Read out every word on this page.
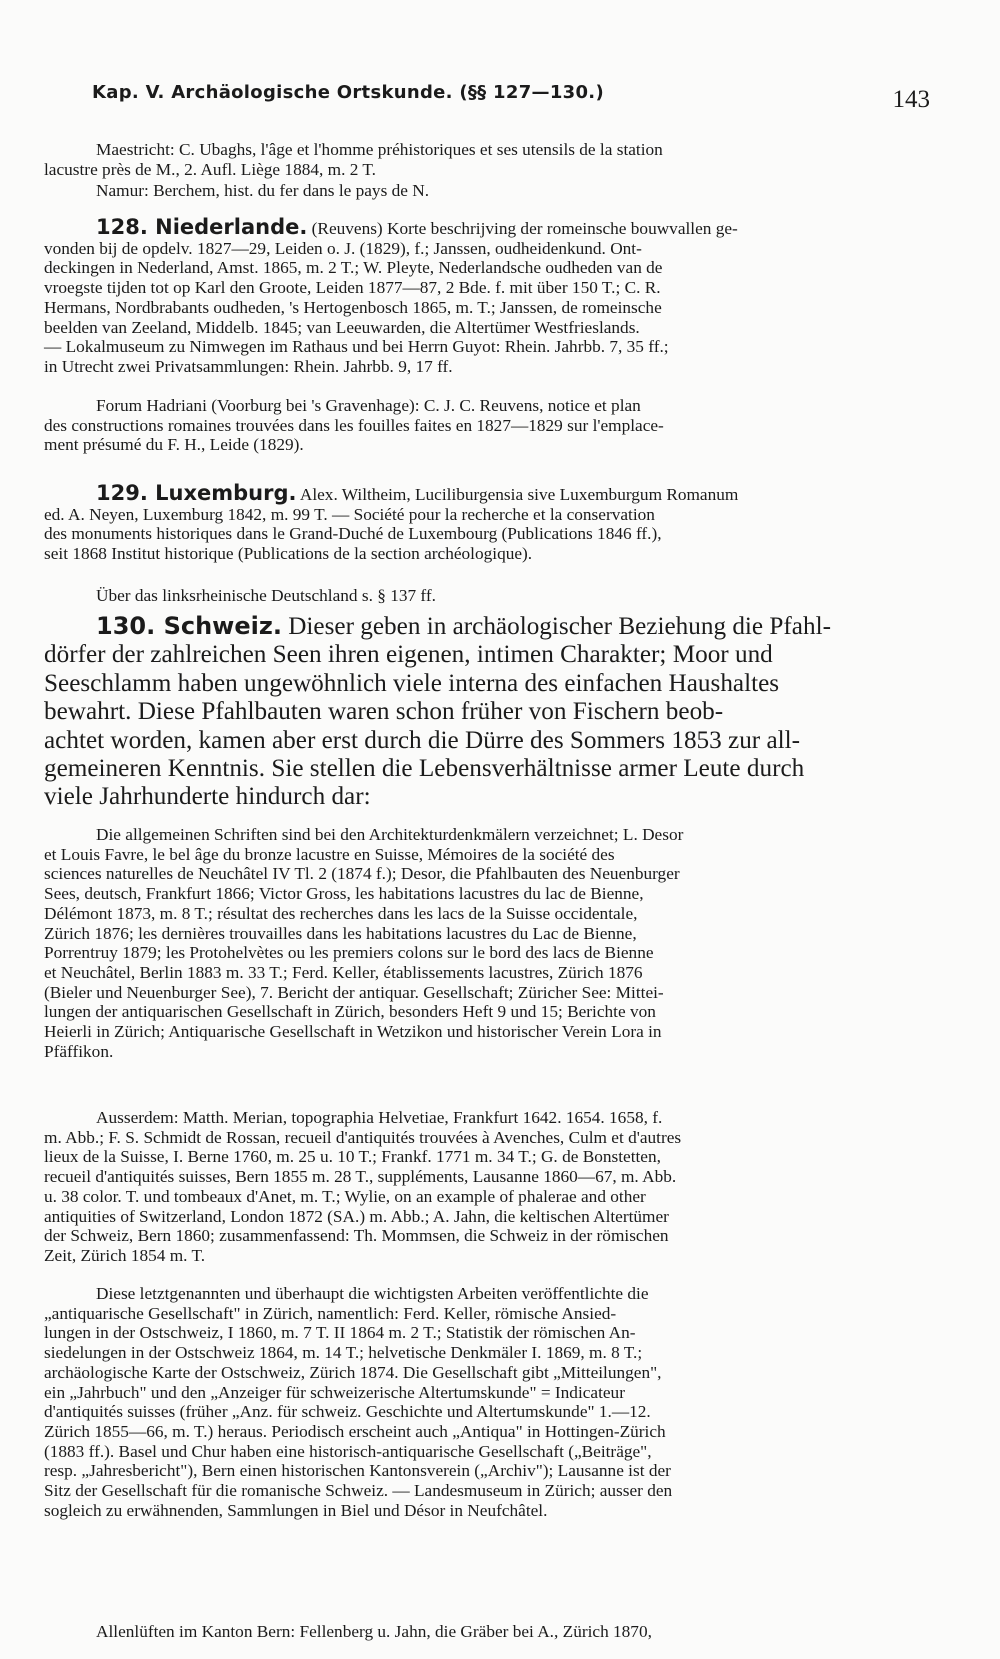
Kap. V. Archäologische Ortskunde. (§§ 127—130.)	143

Maestricht: C. Ubaghs, l'âge et l'homme préhistoriques et ses utensils de la station
lacustre près de M., 2. Aufl. Liège 1884, m. 2 T.

Namur: Berchem, hist. du fer dans le pays de N.

128. Niederlande. (Reuvens) Korte beschrijving der romeinsche bouwvallen ge-
vonden bij de opdelv. 1827—29, Leiden o. J. (1829), f.; Janssen, oudheidenkund. Ont-
deckingen in Nederland, Amst. 1865, m. 2 T.; W. Pleyte, Nederlandsche oudheden van de
vroegste tijden tot op Karl den Groote, Leiden 1877—87, 2 Bde. f. mit über 150 T.; C. R.
Hermans, Nordbrabants oudheden, 's Hertogenbosch 1865, m. T.; Janssen, de romeinsche
beelden van Zeeland, Middelb. 1845; van Leeuwarden, die Altertümer Westfrieslands.
— Lokalmuseum zu Nimwegen im Rathaus und bei Herrn Guyot: Rhein. Jahrbb. 7, 35 ff.;
in Utrecht zwei Privatsammlungen: Rhein. Jahrbb. 9, 17 ff.

Forum Hadriani (Voorburg bei 's Gravenhage): C. J. C. Reuvens, notice et plan
des constructions romaines trouvées dans les fouilles faites en 1827—1829 sur l'emplace-
ment présumé du F. H., Leide (1829).

129. Luxemburg. Alex. Wiltheim, Luciliburgensia sive Luxemburgum Romanum
ed. A. Neyen, Luxemburg 1842, m. 99 T. — Société pour la recherche et la conservation
des monuments historiques dans le Grand-Duché de Luxembourg (Publications 1846 ff.),
seit 1868 Institut historique (Publications de la section archéologique).

Über das linksrheinische Deutschland s. § 137 ff.

130. Schweiz. Dieser geben in archäologischer Beziehung die Pfahl-
dörfer der zahlreichen Seen ihren eigenen, intimen Charakter; Moor und
Seeschlamm haben ungewöhnlich viele interna des einfachen Haushaltes
bewahrt. Diese Pfahlbauten waren schon früher von Fischern beob-
achtet worden, kamen aber erst durch die Dürre des Sommers 1853 zur all-
gemeineren Kenntnis. Sie stellen die Lebensverhältnisse armer Leute durch
viele Jahrhunderte hindurch dar:

Die allgemeinen Schriften sind bei den Architekturdenkmälern verzeichnet; L. Desor
et Louis Favre, le bel âge du bronze lacustre en Suisse, Mémoires de la société des
sciences naturelles de Neuchâtel IV Tl. 2 (1874 f.); Desor, die Pfahlbauten des Neuenburger
Sees, deutsch, Frankfurt 1866; Victor Gross, les habitations lacustres du lac de Bienne,
Délémont 1873, m. 8 T.; résultat des recherches dans les lacs de la Suisse occidentale,
Zürich 1876; les dernières trouvailles dans les habitations lacustres du Lac de Bienne,
Porrentruy 1879; les Protohelvètes ou les premiers colons sur le bord des lacs de Bienne
et Neuchâtel, Berlin 1883 m. 33 T.; Ferd. Keller, établissements lacustres, Zürich 1876
(Bieler und Neuenburger See), 7. Bericht der antiquar. Gesellschaft; Züricher See: Mittei-
lungen der antiquarischen Gesellschaft in Zürich, besonders Heft 9 und 15; Berichte von
Heierli in Zürich; Antiquarische Gesellschaft in Wetzikon und historischer Verein Lora in
Pfäffikon.

Ausserdem: Matth. Merian, topographia Helvetiae, Frankfurt 1642. 1654. 1658, f.
m. Abb.; F. S. Schmidt de Rossan, recueil d'antiquités trouvées à Avenches, Culm et d'autres
lieux de la Suisse, I. Berne 1760, m. 25 u. 10 T.; Frankf. 1771 m. 34 T.; G. de Bonstetten,
recueil d'antiquités suisses, Bern 1855 m. 28 T., suppléments, Lausanne 1860—67, m. Abb.
u. 38 color. T. und tombeaux d'Anet, m. T.; Wylie, on an example of phalerae and other
antiquities of Switzerland, London 1872 (SA.) m. Abb.; A. Jahn, die keltischen Altertümer
der Schweiz, Bern 1860; zusammenfassend: Th. Mommsen, die Schweiz in der römischen
Zeit, Zürich 1854 m. T.

Diese letztgenannten und überhaupt die wichtigsten Arbeiten veröffentlichte die
„antiquarische Gesellschaft" in Zürich, namentlich: Ferd. Keller, römische Ansied-
lungen in der Ostschweiz, I 1860, m. 7 T. II 1864 m. 2 T.; Statistik der römischen An-
siedelungen in der Ostschweiz 1864, m. 14 T.; helvetische Denkmäler I. 1869, m. 8 T.;
archäologische Karte der Ostschweiz, Zürich 1874. Die Gesellschaft gibt „Mitteilungen",
ein „Jahrbuch" und den „Anzeiger für schweizerische Altertumskunde" = Indicateur
d'antiquités suisses (früher „Anz. für schweiz. Geschichte und Altertumskunde" 1.—12.
Zürich 1855—66, m. T.) heraus. Periodisch erscheint auch „Antiqua" in Hottingen-Zürich
(1883 ff.). Basel und Chur haben eine historisch-antiquarische Gesellschaft („Beiträge",
resp. „Jahresbericht"), Bern einen historischen Kantonsverein („Archiv"); Lausanne ist der
Sitz der Gesellschaft für die romanische Schweiz. — Landesmuseum in Zürich; ausser den
sogleich zu erwähnenden, Sammlungen in Biel und Désor in Neufchâtel.

Allenlüften im Kanton Bern: Fellenberg u. Jahn, die Gräber bei A., Zürich 1870,
